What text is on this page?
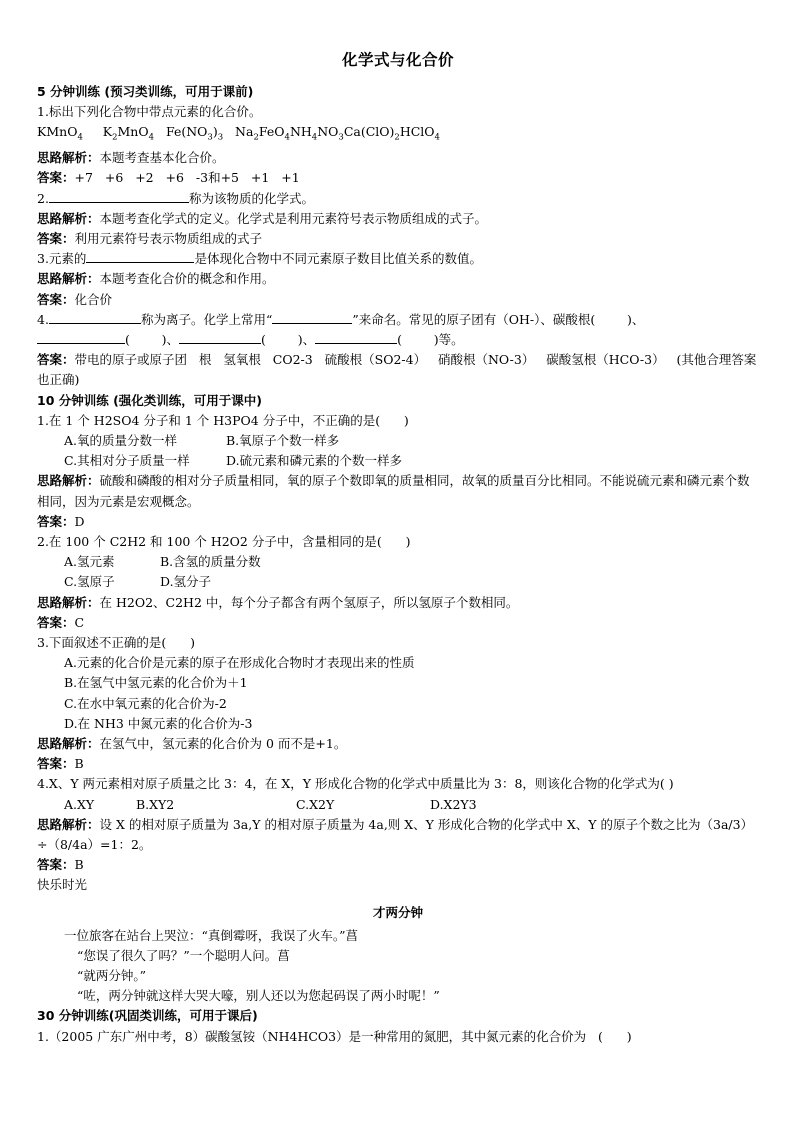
化学式与化合价
5 分钟训练 (预习类训练，可用于课前)
1.标出下列化合物中带点元素的化合价。
KMnO$_4$     $K_2MnO_4$   $Fe(NO_3)_3$   $Na_2FeO_4NH_4NO_3Ca(ClO)_2HClO_4$
思路解析：本题考查基本化合价。
答案：+7   +6   +2   +6   -3和+5   +1   +1
2.	称为该物质的化学式。
思路解析：本题考查化学式的定义。化学式是利用元素符号表示物质组成的式子。
答案：利用元素符号表示物质组成的式子
3.元素的	是体现化合物中不同元素原子数目比值关系的数值。
思路解析：本题考查化合价的概念和作用。
答案：化合价
4.	称为离子。化学上常用“	”来命名。常见的原子团有（OH-）、碳酸根(        )、
(        )、	(        )、	(        )等。
答案：带电的原子或原子团   根   氢氧根   CO2-3   硫酸根（SO2-4）   硝酸根（NO-3）   碳酸氢根（HCO-3）   (其他合理答案也正确)
10 分钟训练 (强化类训练，可用于课中)
1.在 1 个 H2SO4 分子和 1 个 H3PO4 分子中，不正确的是(      )
A.氧的质量分数一样	B.氧原子个数一样多
C.其相对分子质量一样	D.硫元素和磷元素的个数一样多
思路解析：硫酸和磷酸的相对分子质量相同，氧的原子个数即氧的质量相同，故氧的质量百分比相同。不能说硫元素和磷元素个数相同，因为元素是宏观概念。
答案：D
2.在 100 个 C2H2 和 100 个 H2O2 分子中，含量相同的是(      )
A.氢元素	B.含氢的质量分数
C.氢原子	D.氢分子
思路解析：在 H2O2、C2H2 中，每个分子都含有两个氢原子，所以氢原子个数相同。
答案：C
3.下面叙述不正确的是(      )
A.元素的化合价是元素的原子在形成化合物时才表现出来的性质
B.在氢气中氢元素的化合价为＋1
C.在水中氧元素的化合价为-2
D.在 NH3 中氮元素的化合价为-3
思路解析：在氢气中，氢元素的化合价为 0 而不是+1。
答案：B
4.X、Y 两元素相对原子质量之比 3：4，在 X，Y 形成化合物的化学式中质量比为 3：8，则该化合物的化学式为( )
A.XY	B.XY2	C.X2Y	D.X2Y3
思路解析：设 X 的相对原子质量为 3a,Y 的相对原子质量为 4a,则 X、Y 形成化合物的化学式中 X、Y 的原子个数之比为（3a/3）÷（8/4a）=1：2。
答案：B
快乐时光
才两分钟
一位旅客在站台上哭泣：“真倒霉呀，我误了火车。”菖
“您误了很久了吗？”一个聪明人问。菖
“就两分钟。”
“咗，两分钟就这样大哭大嚎，别人还以为您起码误了两小时呢！”
30 分钟训练(巩固类训练，可用于课后)
1.（2005 广东广州中考，8）碳酸氢铵（NH4HCO3）是一种常用的氮肥，其中氮元素的化合价为   (      )
